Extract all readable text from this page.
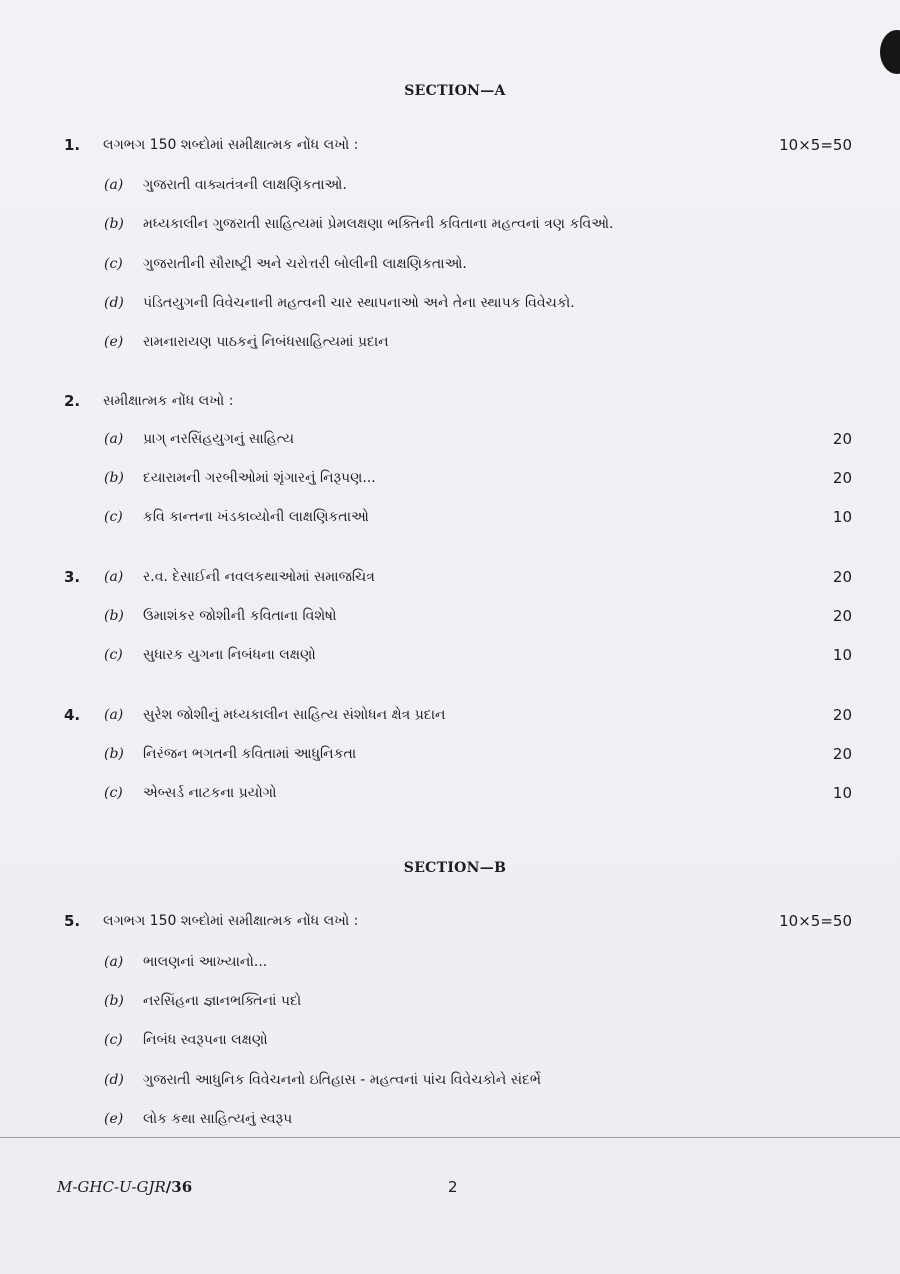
SECTION—A
1. લગભગ 150 શબ્દોમાં સમીક્ષાત્મક નોંધ લખો :	10×5=50
(a) ગુજરાતી વાક્યતંત્રની લાક્ષણિકતાઓ.
(b) મધ્યકાલીન ગુજરાતી સાહિત્યમાં પ્રેમલક્ષણા ભક્તિની કવિતાના મહત્વનાં ત્રણ કવિઓ.
(c) ગુજરાતીની સૌરાષ્ટ્રી અને ચરોત્તરી બોલીની લાક્ષણિકતાઓ.
(d) પંડિતયુગની વિવેચનાની મહત્વની ચાર સ્થાપનાઓ અને તેના સ્થાપક વિવેચકો.
(e) રામનારાયણ પાઠકનું નિબંધસાહિત્યમાં પ્રદાન
2. સમીક્ષાત્મક નોંધ લખો :
(a) પ્રાગ્ નરસિંહયુગનું સાહિત્ય	20
(b) દયારામની ગરબીઓમાં શૃંગારનું નિરૂપણ...	20
(c) કવિ કાન્તના ખંડકાવ્યોની લાક્ષણિકતાઓ	10
3. (a) ર.વ. દેસાઈની નવલકથાઓમાં સમાજચિત્ર	20
(b) ઉમાશંકર જોશીની કવિતાના વિશેષો	20
(c) સુધારક યુગના નિબંધના લક્ષણો	10
4. (a) સુરેશ જોશીનું મધ્યકાલીન સાહિત્ય સંશોધન ક્ષેત્ર પ્રદાન	20
(b) નિરંજન ભગતની કવિતામાં આધુનિકતા	20
(c) એબ્સર્ડ નાટકના પ્રયોગો	10
SECTION—B
5. લગભગ 150 શબ્દોમાં સમીક્ષાત્મક નોંધ લખો :	10×5=50
(a) ભાલણનાં આખ્યાનો...
(b) નરસિંહના જ્ઞાનભક્તિનાં પદો
(c) નિબંધ સ્વરૂપના લક્ષણો
(d) ગુજરાતી આધુનિક વિવેચનનો ઇતિહાસ - મહત્વનાં પાંચ વિવેચકોને સંદર્ભે
(e) લોક કથા સાહિત્યનું સ્વરૂપ
M-GHC-U-GJR/36	2
